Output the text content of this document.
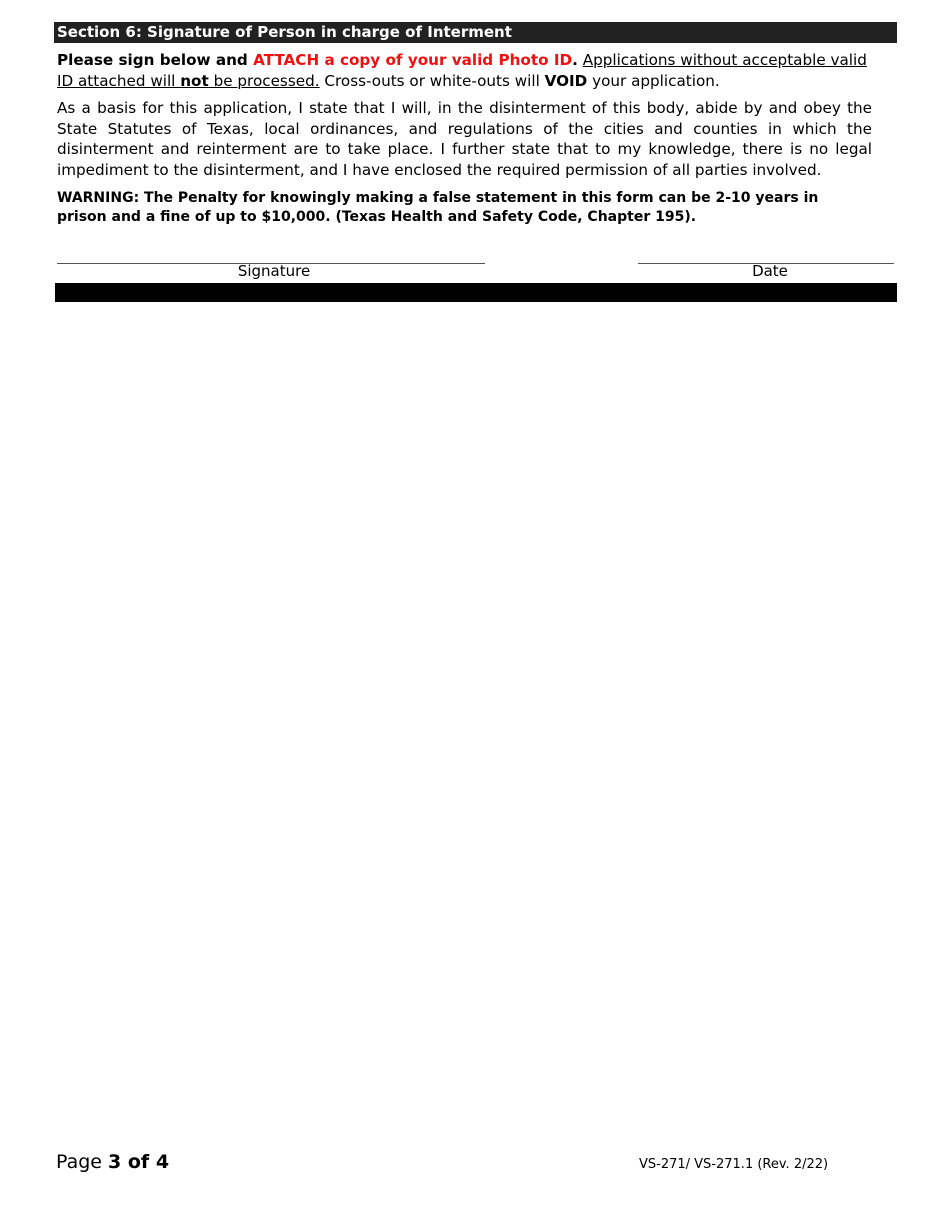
Section 6: Signature of Person in charge of Interment

Please sign below and ATTACH a copy of your valid Photo ID. Applications without acceptable valid ID attached will not be processed. Cross-outs or white-outs will VOID your application.

As a basis for this application, I state that I will, in the disinterment of this body, abide by and obey the State Statutes of Texas, local ordinances, and regulations of the cities and counties in which the disinterment and reinterment are to take place. I further state that to my knowledge, there is no legal impediment to the disinterment, and I have enclosed the required permission of all parties involved.

WARNING: The Penalty for knowingly making a false statement in this form can be 2-10 years in prison and a fine of up to $10,000. (Texas Health and Safety Code, Chapter 195).

Signature	Date
Page 3 of 4	VS-271/ VS-271.1 (Rev. 2/22)
